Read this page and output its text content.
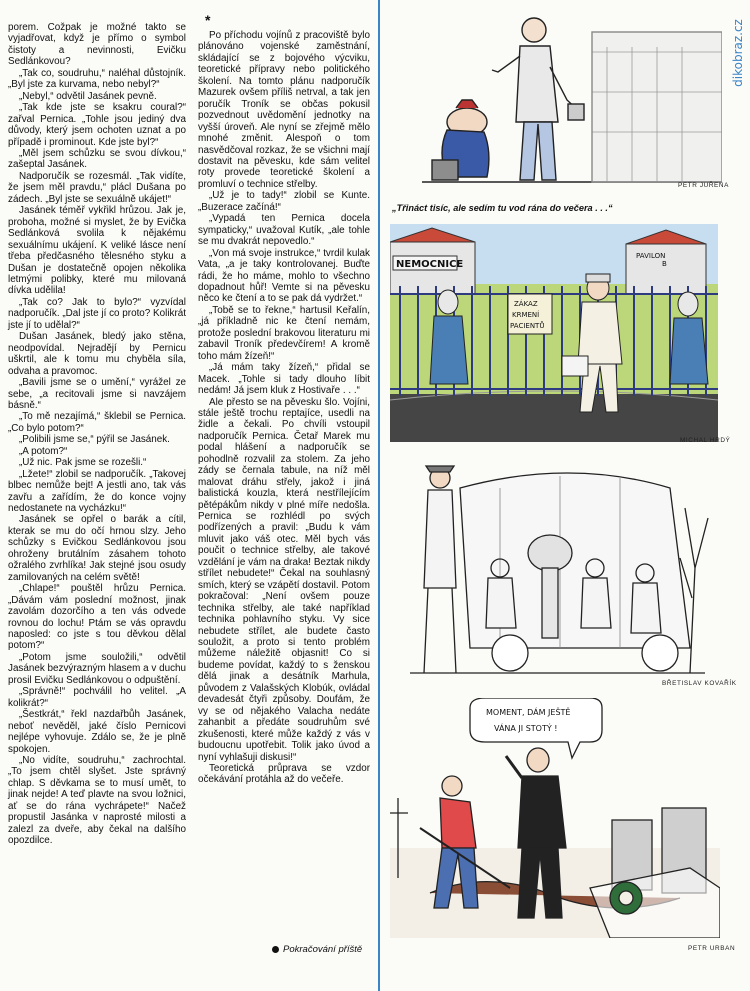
dikobraz.cz
*

porem. Cožpak je možné takto se vyjadřovat, když je přímo o symbol čistoty a nevinnosti, Evičku Sedlánkovou?

„Tak co, soudruhu,“ naléhal důstojník. „Byl jste za kurvama, nebo nebyl?“

„Nebyl,“ odvětil Jasánek pevně.

„Tak kde jste se ksakru coural?“ zařval Pernica. „Tohle jsou jediný dva důvody, který jsem ochoten uznat a po případě i prominout. Kde jste byl?“

„Měl jsem schůzku se svou dívkou,“ zašeptal Jasánek.

Nadporučík se rozesmál. „Tak vidíte, že jsem měl pravdu,“ plácl Dušana po zádech. „Byl jste se sexuálně ukájet!“

Jasánek téměř vykřikl hrůzou. Jak je, proboha, možné si myslet, že by Evička Sedlánková svolila k nějakému sexuálnímu ukájení. K veliké lásce není třeba předčasného tělesného styku a Dušan je dostatečně opojen několika letmými polibky, které mu milovaná dívka udělila!

„Tak co? Jak to bylo?“ vyzvídal nadporučík. „Dal jste jí co proto? Kolikrát jste jí to udělal?“

Dušan Jasánek, bledý jako stěna, neodpovídal. Nejradějí by Pernicu uškrtil, ale k tomu mu chyběla síla, odvaha a pravomoc.

„Bavili jsme se o umění,“ vyrážel ze sebe, „a recitovali jsme si navzájem básně.“

„To mě nezajímá,“ šklebil se Pernica. „Co bylo potom?“

„Polibili jsme se,“ pýřil se Jasánek.

„A potom?“

„Už nic. Pak jsme se rozešli.“

„Lžete!“ zlobil se nadporučík. „Takovej blbec nemůže bejt! A jestli ano, tak vás zavřu a zařídím, že do konce vojny nedostanete na vycházku!“

Jasánek se opřel o barák a cítil, kterak se mu do očí hrnou slzy. Jeho schůzky s Evičkou Sedlánkovou jsou ohroženy brutálním zásahem tohoto ožralého zvrhlíka! Jak stejné jsou osudy zamilovaných na celém světě!

„Chlape!“ pouštěl hrůzu Pernica. „Dávám vám poslední možnost, jinak zavolám dozorčího a ten vás odvede rovnou do lochu! Ptám se vás opravdu naposled: co jste s tou děvkou dělal potom?“

„Potom jsme souložili,“ odvětil Jasánek bezvýrazným hlasem a v duchu prosil Evičku Sedlánkovou o odpuštění.

„Správně!“ pochválil ho velitel. „A kolikrát?“

„Šestkrát,“ řekl nazdařbůh Jasánek, neboť nevěděl, jaké číslo Pernicovi nejlépe vyhovuje. Zdálo se, že je plně spokojen.

„No vidíte, soudruhu,“ zachrochtal. „To jsem chtěl slyšet. Jste správný chlap. S děvkama se to musí umět, to jinak nejde! A teď plavte na svou ložnici, ať se do rána vychrápete!“ Načež propustil Jasánka v naprosté milosti a zalezl za dveře, aby čekal na dalšího opozdilce.

Po příchodu vojínů z pracoviště bylo plánováno vojenské zaměstnání, skládající se z bojového výcviku, teoretické přípravy nebo politického školení. Na tomto plánu nadporučík Mazurek ovšem příliš netrval, a tak jen poručík Troník se občas pokusil pozvednout uvědomění jednotky na vyšší úroveň. Ale nyní se zřejmě mělo mnohé změnit. Alespoň o tom nasvědčoval rozkaz, že se všichni mají dostavit na pěvesku, kde sám velitel roty provede teoretické školení a promluví o technice střelby.

„Už je to tady!“ zlobil se Kunte. „Buzerace začíná!“

„Vypadá ten Pernica docela sympaticky,“ uvažoval Kutík, „ale tohle se mu dvakrát nepovedlo.“

„Von má svoje instrukce,“ tvrdil kulak Vata, „a je taky kontrolovanej. Buďte rádi, že ho máme, mohlo to všechno dopadnout hůř! Vemte si na pěvesku něco ke čtení a to se pak dá vydržet.“

„Tobě se to řekne,“ hartusil Keřalín, „já příkladně nic ke čtení nemám, protože poslední brakovou literaturu mi zabavil Troník předevčírem! A kromě toho mám žízeň!“

„Já mám taky žízeň,“ přidal se Macek. „Tohle si tady dlouho líbit nedám! Já jsem kluk z Hostivaře . . .“

Ale přesto se na pěvesku šlo. Vojíni, stále ještě trochu reptajíce, usedli na židle a čekali. Po chvíli vstoupil nadporučík Pernica. Četař Marek mu podal hlášení a nadporučík se pohodlně rozvalil za stolem. Za jeho zády se černala tabule, na níž měl malovat dráhu střely, jakož i jiná balistická kouzla, která nestřílejícím pětépákům nikdy v plné míře nedošla. Pernica se rozhlédl po svých podřízených a pravil: „Budu k vám mluvit jako váš otec. Měl bych vás poučit o technice střelby, ale takové vzdělání je vám na draka! Beztak nikdy střílet nebudete!“ Čekal na souhlasný smích, který se vzápětí dostavil. Potom pokračoval: „Není ovšem pouze technika střelby, ale také například technika pohlavního styku. Vy sice nebudete střílet, ale budete často souložit, a proto si tento problém můžeme náležitě objasnit! Co si budeme povídat, každý to s ženskou dělá jinak a desátník Marhula, původem z Valašských Klobúk, ovládal devadesát čtyři způsoby. Doufám, že vy se od nějakého Valacha nedáte zahanbit a předáte soudruhům své zkušenosti, které může každý z vás v budoucnu upotřebit. Tolik jako úvod a nyní vyhlašuji diskusi!“

Teoretická průprava se vzdor očekávání protáhla až do večeře.

Pokračování příště
„Třináct tisíc, ale sedím tu vod rána do večera . . .“
PETR JUŘENA
NEMOCNICE
PAVILON
B
ZÁKAZ
KRMENÍ
PACIENTŮ
MICHAL HRDÝ
BŘETISLAV KOVAŘÍK
MOMENT, DÁM JEŠTĚ
VÁNA JI STOTÝ !
PETR URBAN
